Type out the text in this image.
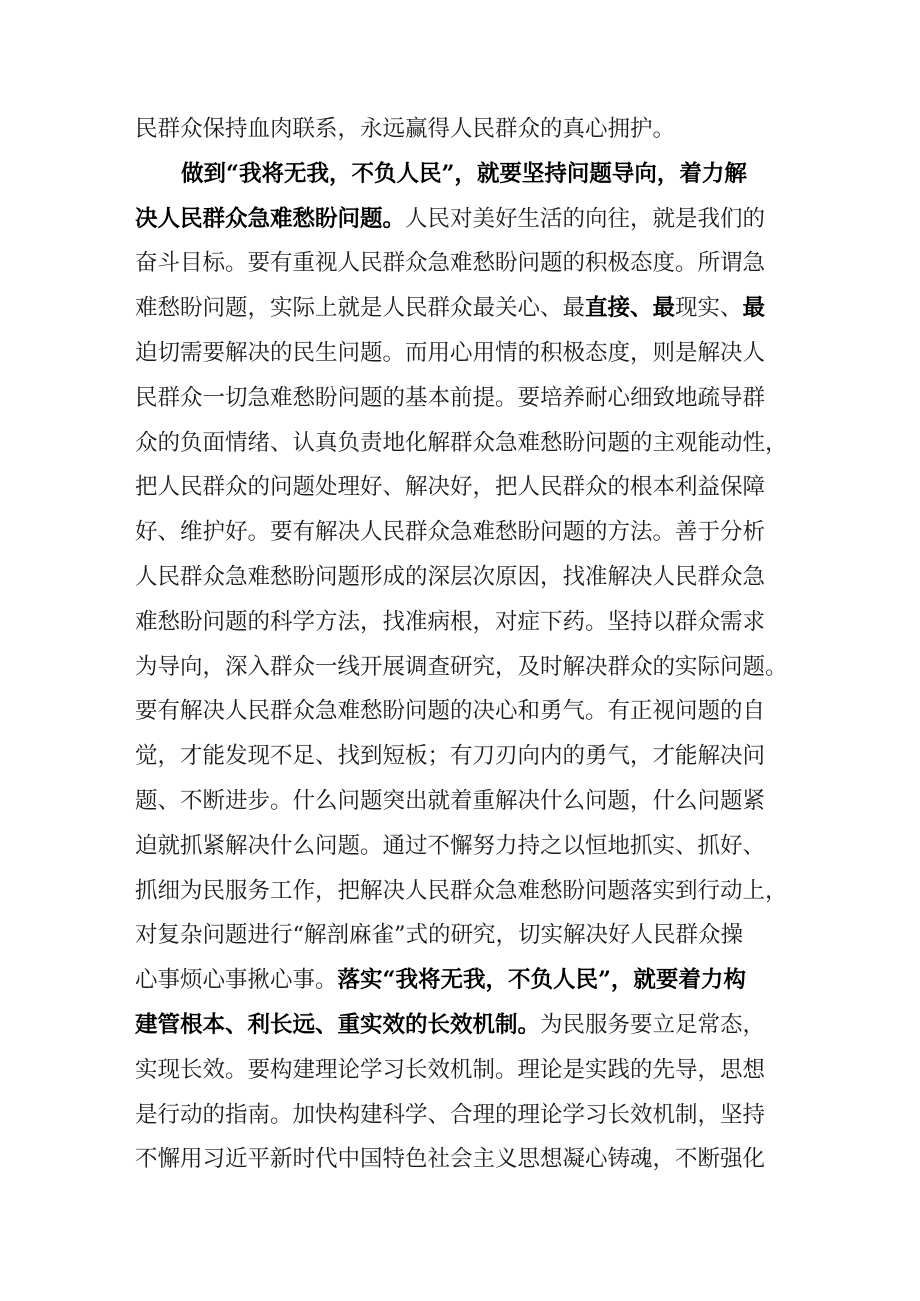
民群众保持血肉联系，永远赢得人民群众的真心拥护。
做到“我将无我，不负人民”，就要坚持问题导向，着力解
决人民群众急难愁盼问题。人民对美好生活的向往，就是我们的
奋斗目标。要有重视人民群众急难愁盼问题的积极态度。所谓急
难愁盼问题，实际上就是人民群众最关心、最直接、最现实、最
迫切需要解决的民生问题。而用心用情的积极态度，则是解决人
民群众一切急难愁盼问题的基本前提。要培养耐心细致地疏导群
众的负面情绪、认真负责地化解群众急难愁盼问题的主观能动性，
把人民群众的问题处理好、解决好，把人民群众的根本利益保障
好、维护好。要有解决人民群众急难愁盼问题的方法。善于分析
人民群众急难愁盼问题形成的深层次原因，找准解决人民群众急
难愁盼问题的科学方法，找准病根，对症下药。坚持以群众需求
为导向，深入群众一线开展调查研究，及时解决群众的实际问题。
要有解决人民群众急难愁盼问题的决心和勇气。有正视问题的自
觉，才能发现不足、找到短板；有刀刃向内的勇气，才能解决问
题、不断进步。什么问题突出就着重解决什么问题，什么问题紧
迫就抓紧解决什么问题。通过不懈努力持之以恒地抓实、抓好、
抓细为民服务工作，把解决人民群众急难愁盼问题落实到行动上，
对复杂问题进行“解剖麻雀”式的研究，切实解决好人民群众操
心事烦心事揪心事。落实“我将无我，不负人民”，就要着力构
建管根本、利长远、重实效的长效机制。为民服务要立足常态，
实现长效。要构建理论学习长效机制。理论是实践的先导，思想
是行动的指南。加快构建科学、合理的理论学习长效机制，坚持
不懈用习近平新时代中国特色社会主义思想凝心铸魂，不断强化
